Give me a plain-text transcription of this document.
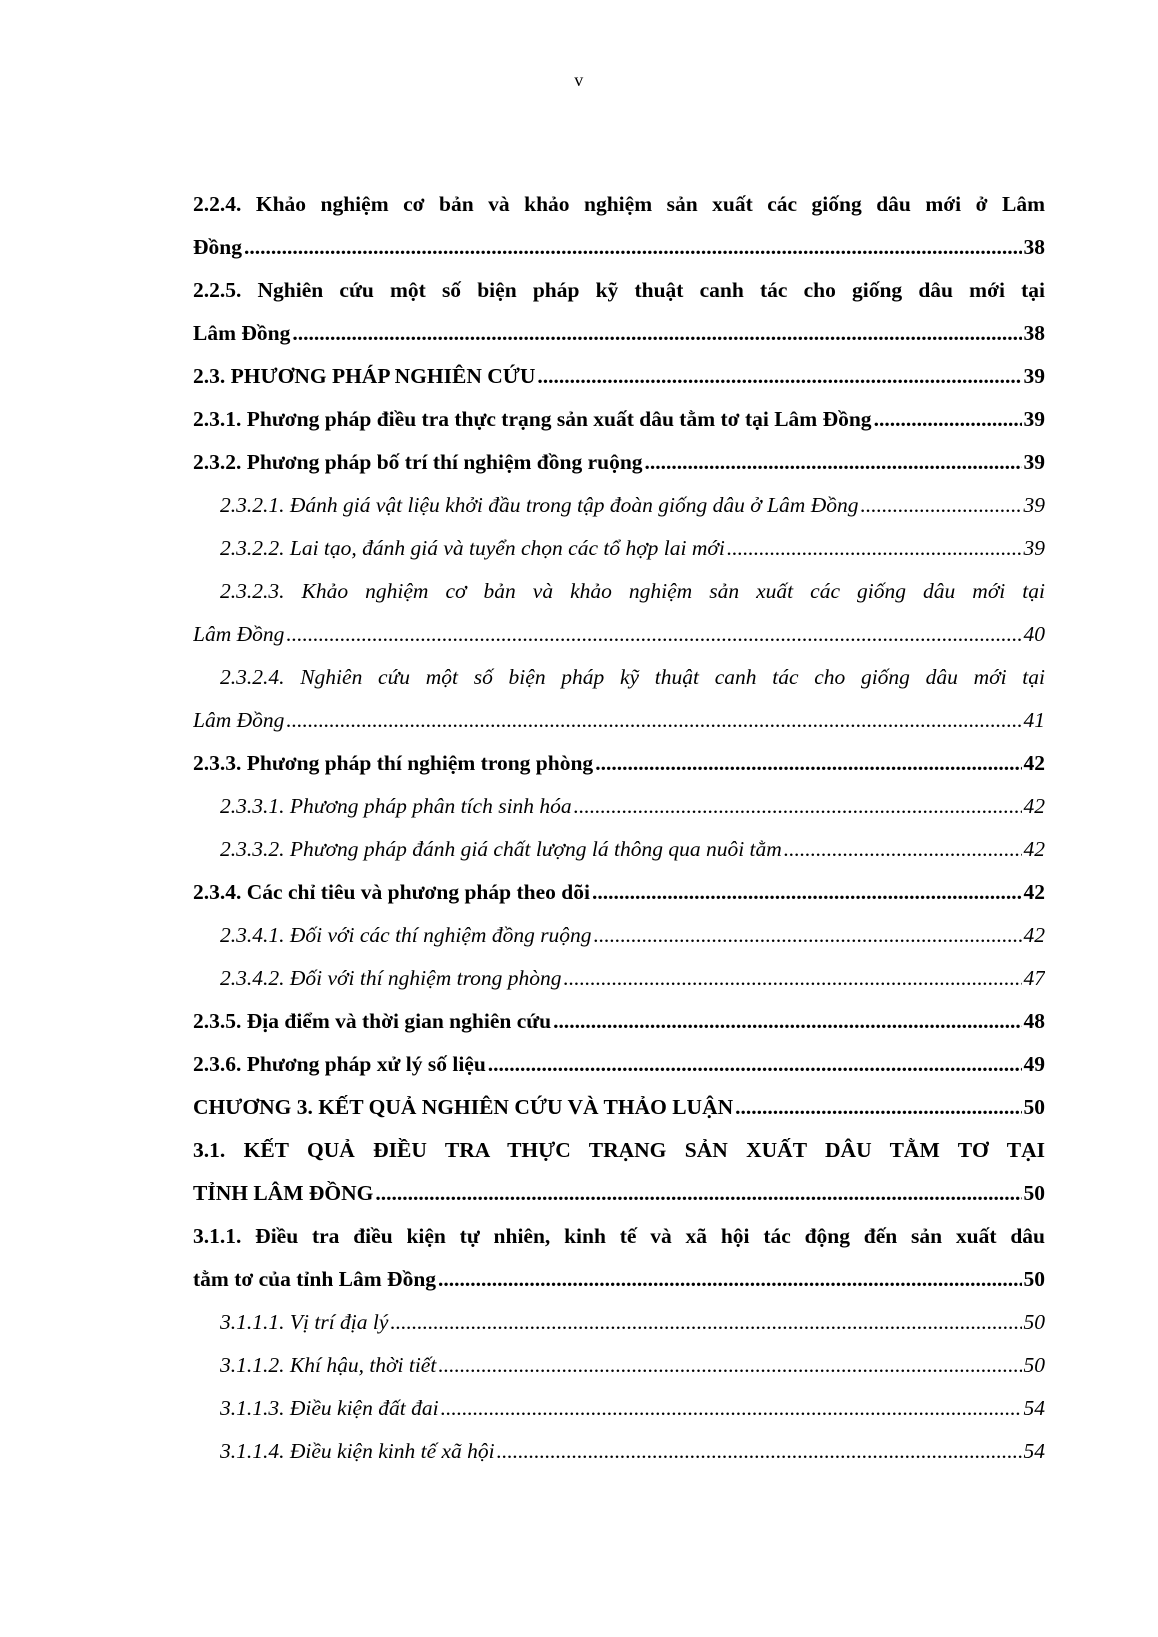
v
2.2.4. Khảo nghiệm cơ bản và khảo nghiệm sản xuất các giống dâu mới ở Lâm
Đồng .....	38
2.2.5. Nghiên cứu một số biện pháp kỹ thuật canh tác cho giống dâu mới tại
Lâm Đồng .....	38
2.3. PHƯƠNG PHÁP NGHIÊN CỨU .....	39
2.3.1. Phương pháp điều tra thực trạng sản xuất dâu tằm tơ tại Lâm Đồng .....	39
2.3.2. Phương pháp bố trí thí nghiệm đồng ruộng .....	39
2.3.2.1. Đánh giá vật liệu khởi đầu trong tập đoàn giống dâu ở Lâm Đồng .....	39
2.3.2.2. Lai tạo, đánh giá và tuyển chọn các tổ hợp lai mới .....	39
2.3.2.3. Khảo nghiệm cơ bản và khảo nghiệm sản xuất các giống dâu mới tại
Lâm Đồng .....	40
2.3.2.4. Nghiên cứu một số biện pháp kỹ thuật canh tác cho giống dâu mới tại
Lâm Đồng .....	41
2.3.3. Phương pháp thí nghiệm trong phòng .....	42
2.3.3.1. Phương pháp phân tích sinh hóa .....	42
2.3.3.2. Phương pháp đánh giá chất lượng lá thông qua nuôi tằm .....	42
2.3.4. Các chỉ tiêu và phương pháp theo dõi .....	42
2.3.4.1. Đối với các thí nghiệm đồng ruộng .....	42
2.3.4.2. Đối với thí nghiệm trong phòng .....	47
2.3.5. Địa điểm và thời gian nghiên cứu .....	48
2.3.6. Phương pháp xử lý số liệu .....	49
CHƯƠNG 3. KẾT QUẢ NGHIÊN CỨU VÀ THẢO LUẬN .....	50
3.1. KẾT QUẢ ĐIỀU TRA THỰC TRẠNG SẢN XUẤT DÂU TẰM TƠ TẠI
TỈNH LÂM ĐỒNG .....	50
3.1.1. Điều tra điều kiện tự nhiên, kinh tế và xã hội tác động đến sản xuất dâu
tằm tơ của tỉnh Lâm Đồng .....	50
3.1.1.1. Vị trí địa lý .....	50
3.1.1.2. Khí hậu, thời tiết .....	50
3.1.1.3. Điều kiện đất đai .....	54
3.1.1.4. Điều kiện kinh tế xã hội .....	54
